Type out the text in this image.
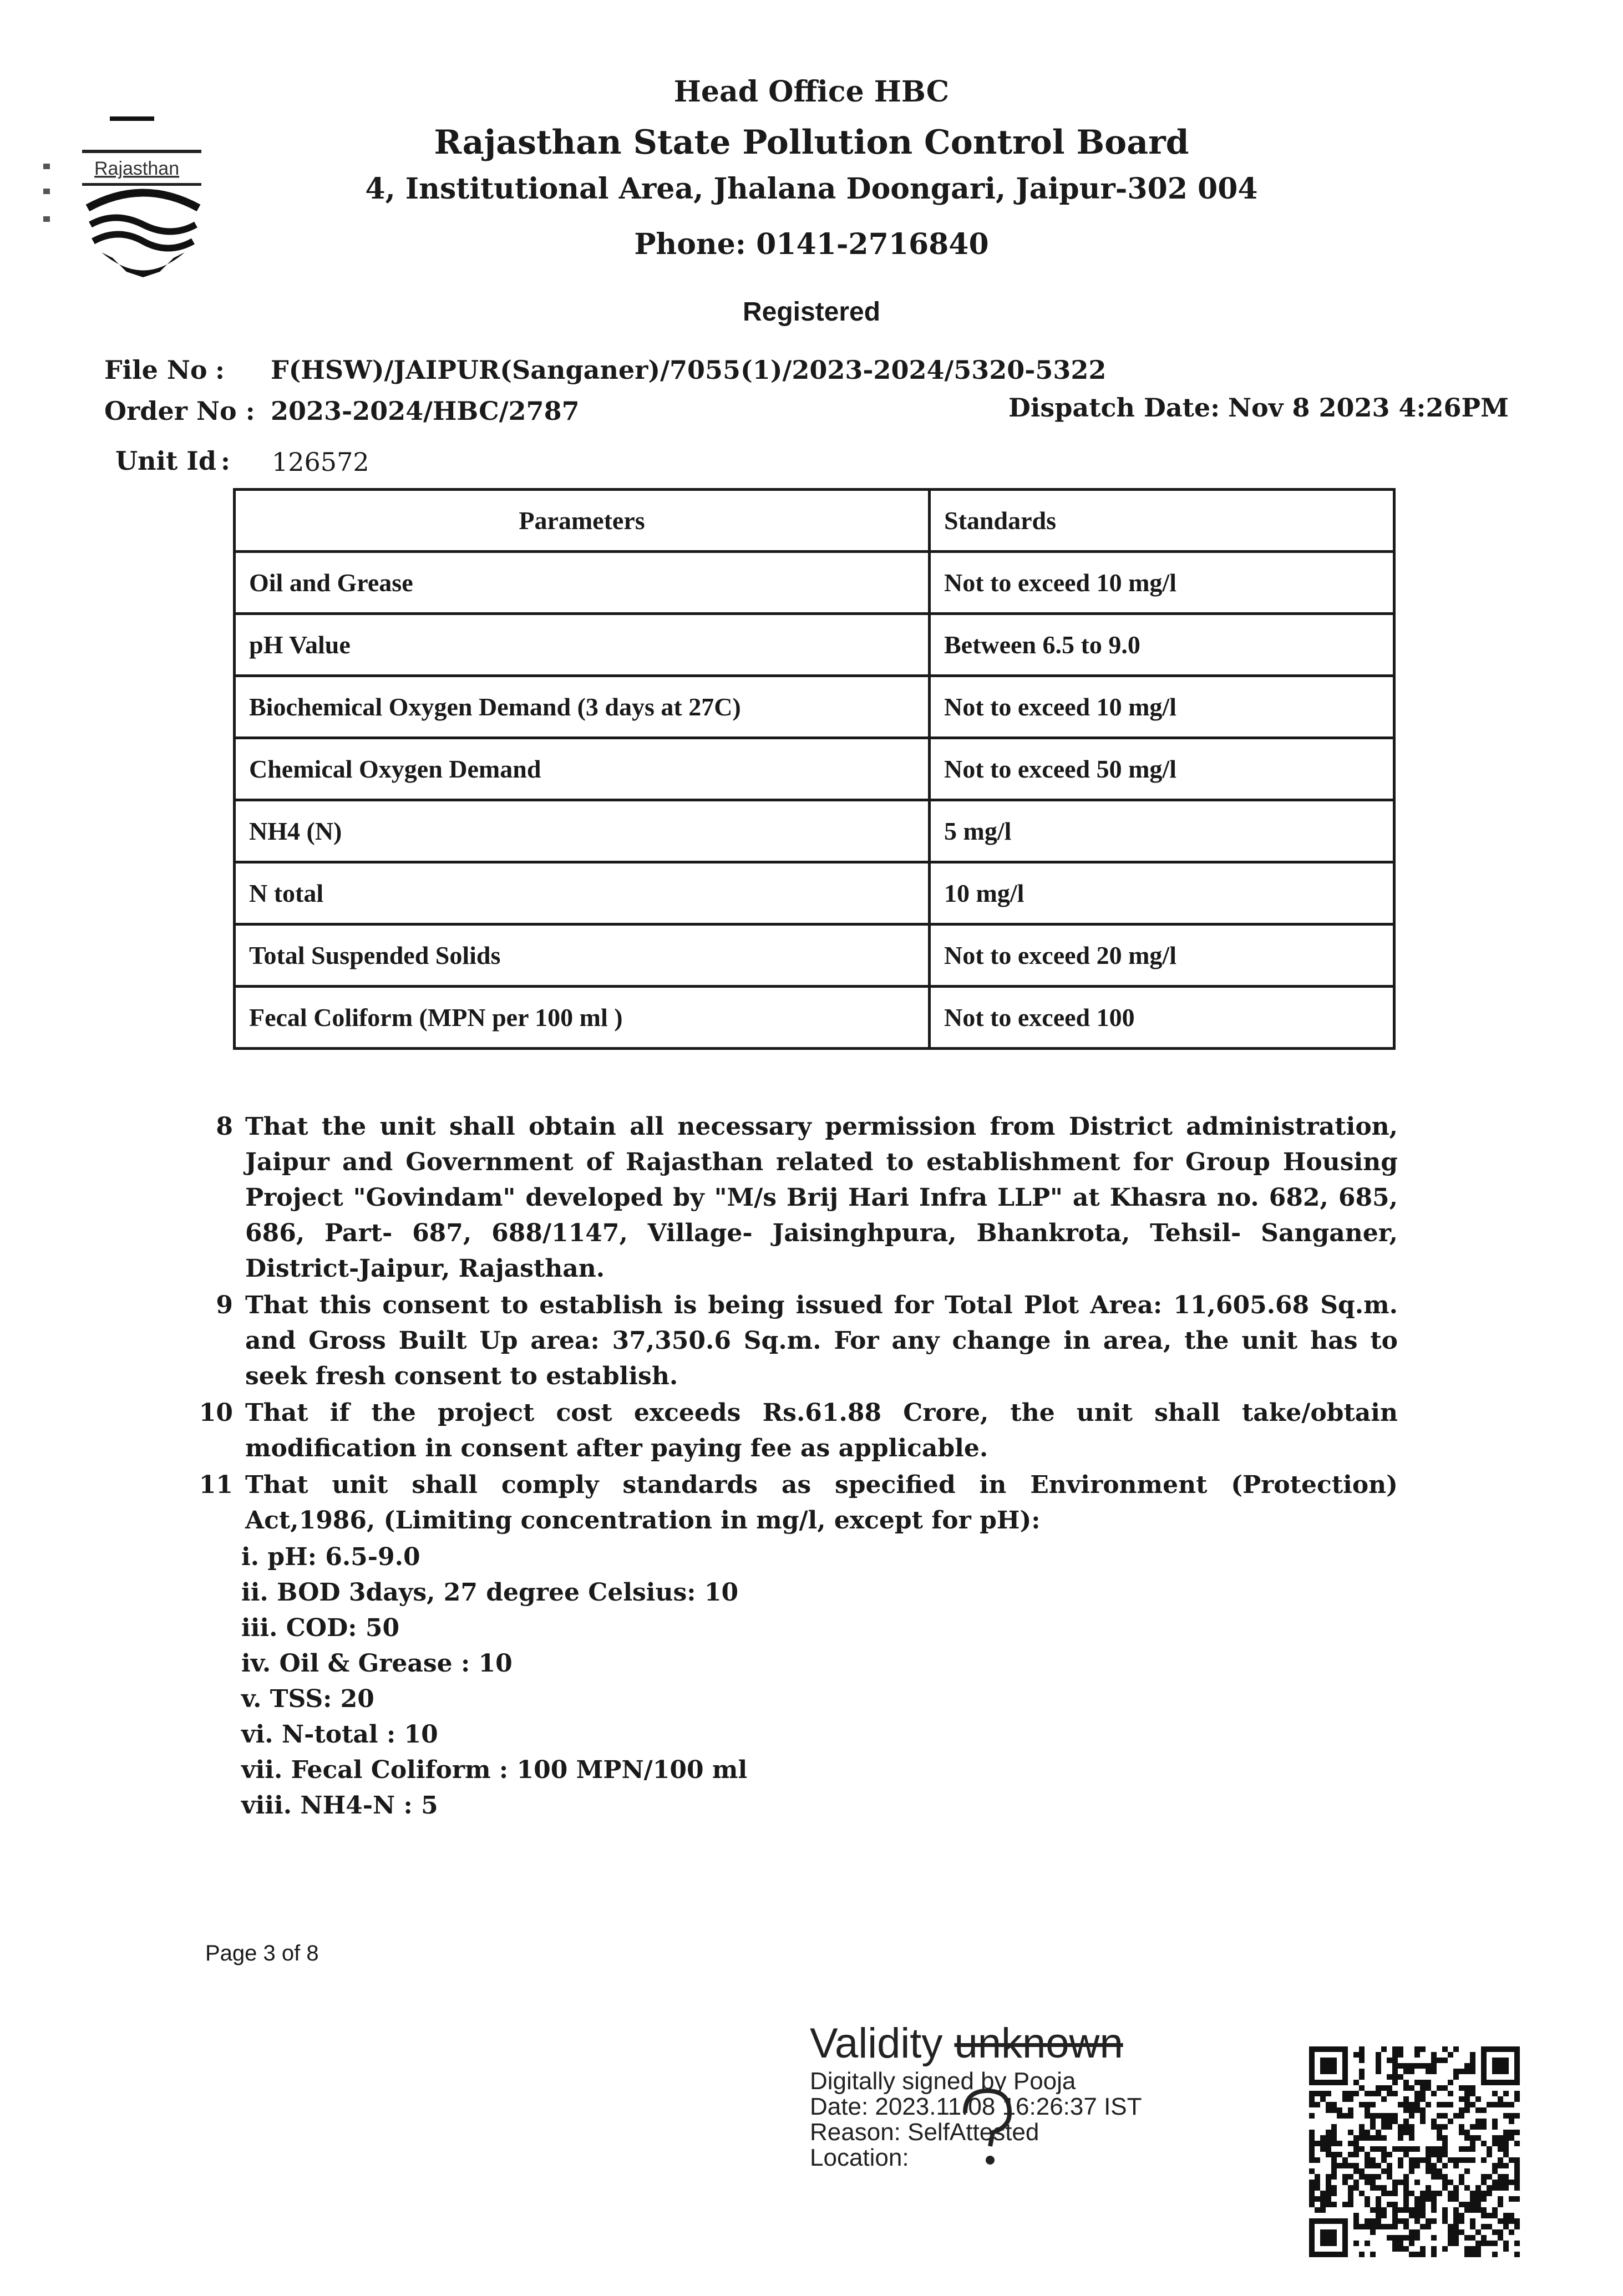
Rajasthan
Head Office HBC
Rajasthan State Pollution Control Board
4, Institutional Area, Jhalana Doongari, Jaipur-302 004
Phone: 0141-2716840
Registered
File No : F(HSW)/JAIPUR(Sanganer)/7055(1)/2023-2024/5320-5322
Order No : 2023-2024/HBC/2787	Dispatch Date: Nov 8 2023 4:26PM
Unit Id : 126572
Parameters	Standards
Oil and Grease	Not to exceed 10 mg/l
pH Value	Between 6.5 to 9.0
Biochemical Oxygen Demand (3 days at 27C)	Not to exceed 10 mg/l
Chemical Oxygen Demand	Not to exceed 50 mg/l
NH4 (N)	5 mg/l
N total	10 mg/l
Total Suspended Solids	Not to exceed 20 mg/l
Fecal Coliform (MPN per 100 ml )	Not to exceed 100
8 That the unit shall obtain all necessary permission from District administration, Jaipur and Government of Rajasthan related to establishment for Group Housing Project "Govindam" developed by "M/s Brij Hari Infra LLP" at Khasra no. 682, 685, 686, Part- 687, 688/1147, Village- Jaisinghpura, Bhankrota, Tehsil- Sanganer, District-Jaipur, Rajasthan.
9 That this consent to establish is being issued for Total Plot Area: 11,605.68 Sq.m. and Gross Built Up area: 37,350.6 Sq.m. For any change in area, the unit has to seek fresh consent to establish.
10 That if the project cost exceeds Rs.61.88 Crore, the unit shall take/obtain modification in consent after paying fee as applicable.
11 That unit shall comply standards as specified in Environment (Protection) Act,1986, (Limiting concentration in mg/l, except for pH):
i. pH: 6.5-9.0
ii. BOD 3days, 27 degree Celsius: 10
iii. COD: 50
iv. Oil & Grease : 10
v. TSS: 20
vi. N-total : 10
vii. Fecal Coliform : 100 MPN/100 ml
viii. NH4-N : 5
Page 3 of 8
Validity unknown
Digitally signed by Pooja
Date: 2023.11.08 16:26:37 IST
Reason: SelfAttested
Location:
